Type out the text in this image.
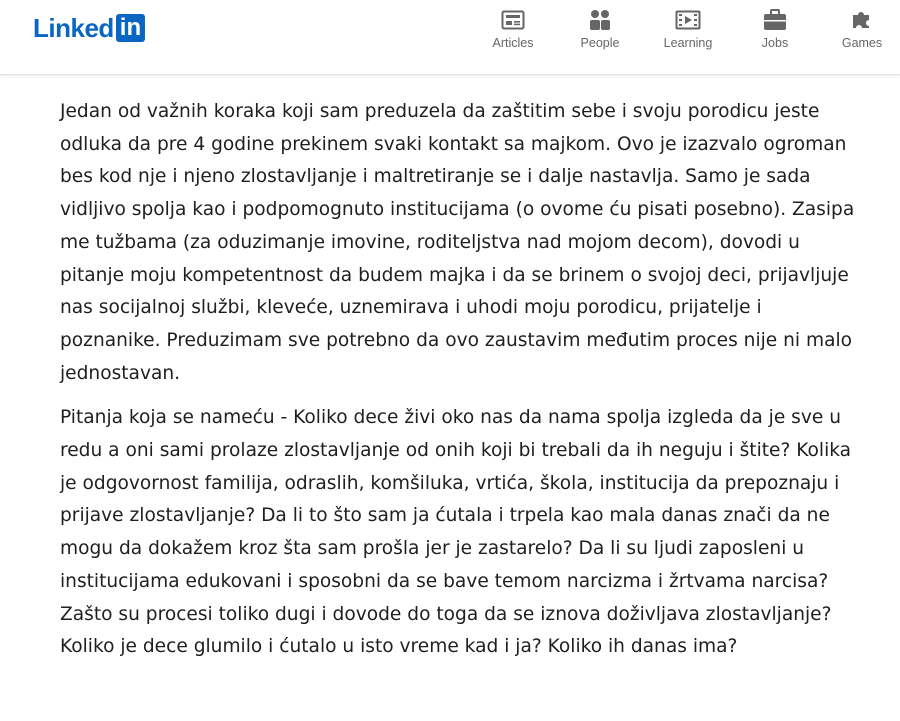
Linked in
Articles	People	Learning	Jobs	Games

Jedan od važnih koraka koji sam preduzela da zaštitim sebe i svoju porodicu jeste odluka da pre 4 godine prekinem svaki kontakt sa majkom. Ovo je izazvalo ogroman bes kod nje i njeno zlostavljanje i maltretiranje se i dalje nastavlja. Samo je sada vidljivo spolja kao i podpomognuto institucijama (o ovome ću pisati posebno). Zasipa me tužbama (za oduzimanje imovine, roditeljstva nad mojom decom), dovodi u pitanje moju kompetentnost da budem majka i da se brinem o svojoj deci, prijavljuje nas socijalnoj službi, kleveće, uznemirava i uhodi moju porodicu, prijatelje i poznanike. Preduzimam sve potrebno da ovo zaustavim međutim proces nije ni malo jednostavan.

Pitanja koja se nameću - Koliko dece živi oko nas da nama spolja izgleda da je sve u redu a oni sami prolaze zlostavljanje od onih koji bi trebali da ih neguju i štite? Kolika je odgovornost familija, odraslih, komšiluka, vrtića, škola, institucija da prepoznaju i prijave zlostavljanje? Da li to što sam ja ćutala i trpela kao mala danas znači da ne mogu da dokažem kroz šta sam prošla jer je zastarelo? Da li su ljudi zaposleni u institucijama edukovani i sposobni da se bave temom narcizma i žrtvama narcisa? Zašto su procesi toliko dugi i dovode do toga da se iznova doživljava zlostavljanje? Koliko je dece glumilo i ćutalo u isto vreme kad i ja? Koliko ih danas ima?
